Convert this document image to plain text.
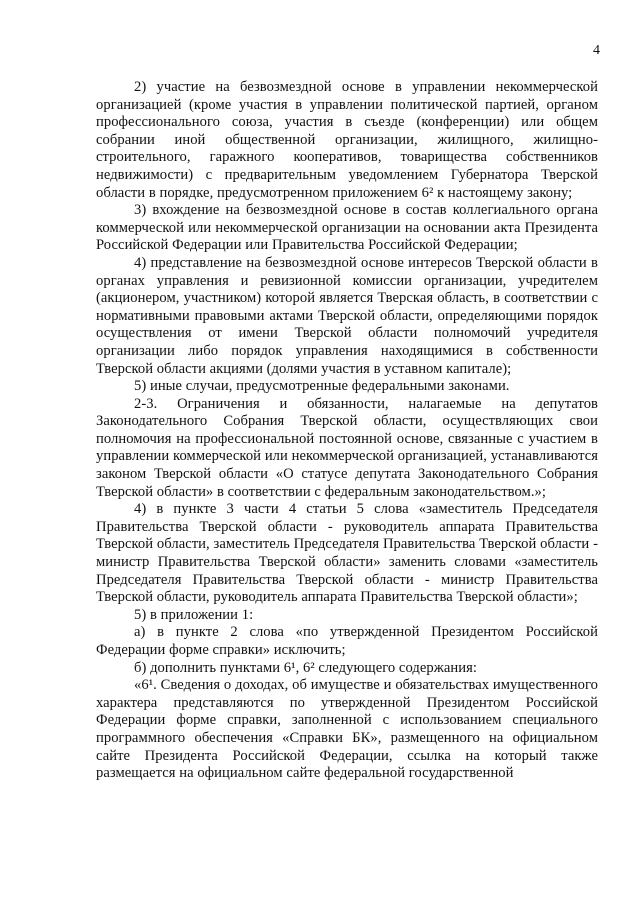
4

2) участие на безвозмездной основе в управлении некоммерческой организацией (кроме участия в управлении политической партией, органом профессионального союза, участия в съезде (конференции) или общем собрании иной общественной организации, жилищного, жилищно-строительного, гаражного кооперативов, товарищества собственников недвижимости) с предварительным уведомлением Губернатора Тверской области в порядке, предусмотренном приложением 6² к настоящему закону;

3) вхождение на безвозмездной основе в состав коллегиального органа коммерческой или некоммерческой организации на основании акта Президента Российской Федерации или Правительства Российской Федерации;

4) представление на безвозмездной основе интересов Тверской области в органах управления и ревизионной комиссии организации, учредителем (акционером, участником) которой является Тверская область, в соответствии с нормативными правовыми актами Тверской области, определяющими порядок осуществления от имени Тверской области полномочий учредителя организации либо порядок управления находящимися в собственности Тверской области акциями (долями участия в уставном капитале);

5) иные случаи, предусмотренные федеральными законами.

2-3. Ограничения и обязанности, налагаемые на депутатов Законодательного Собрания Тверской области, осуществляющих свои полномочия на профессиональной постоянной основе, связанные с участием в управлении коммерческой или некоммерческой организацией, устанавливаются законом Тверской области «О статусе депутата Законодательного Собрания Тверской области» в соответствии с федеральным законодательством.»;

4) в пункте 3 части 4 статьи 5 слова «заместитель Председателя Правительства Тверской области - руководитель аппарата Правительства Тверской области, заместитель Председателя Правительства Тверской области - министр Правительства Тверской области» заменить словами «заместитель Председателя Правительства Тверской области - министр Правительства Тверской области, руководитель аппарата Правительства Тверской области»;

5) в приложении 1:

а) в пункте 2 слова «по утвержденной Президентом Российской Федерации форме справки» исключить;

б) дополнить пунктами 6¹, 6² следующего содержания:

«6¹. Сведения о доходах, об имуществе и обязательствах имущественного характера представляются по утвержденной Президентом Российской Федерации форме справки, заполненной с использованием специального программного обеспечения «Справки БК», размещенного на официальном сайте Президента Российской Федерации, ссылка на который также размещается на официальном сайте федеральной государственной
